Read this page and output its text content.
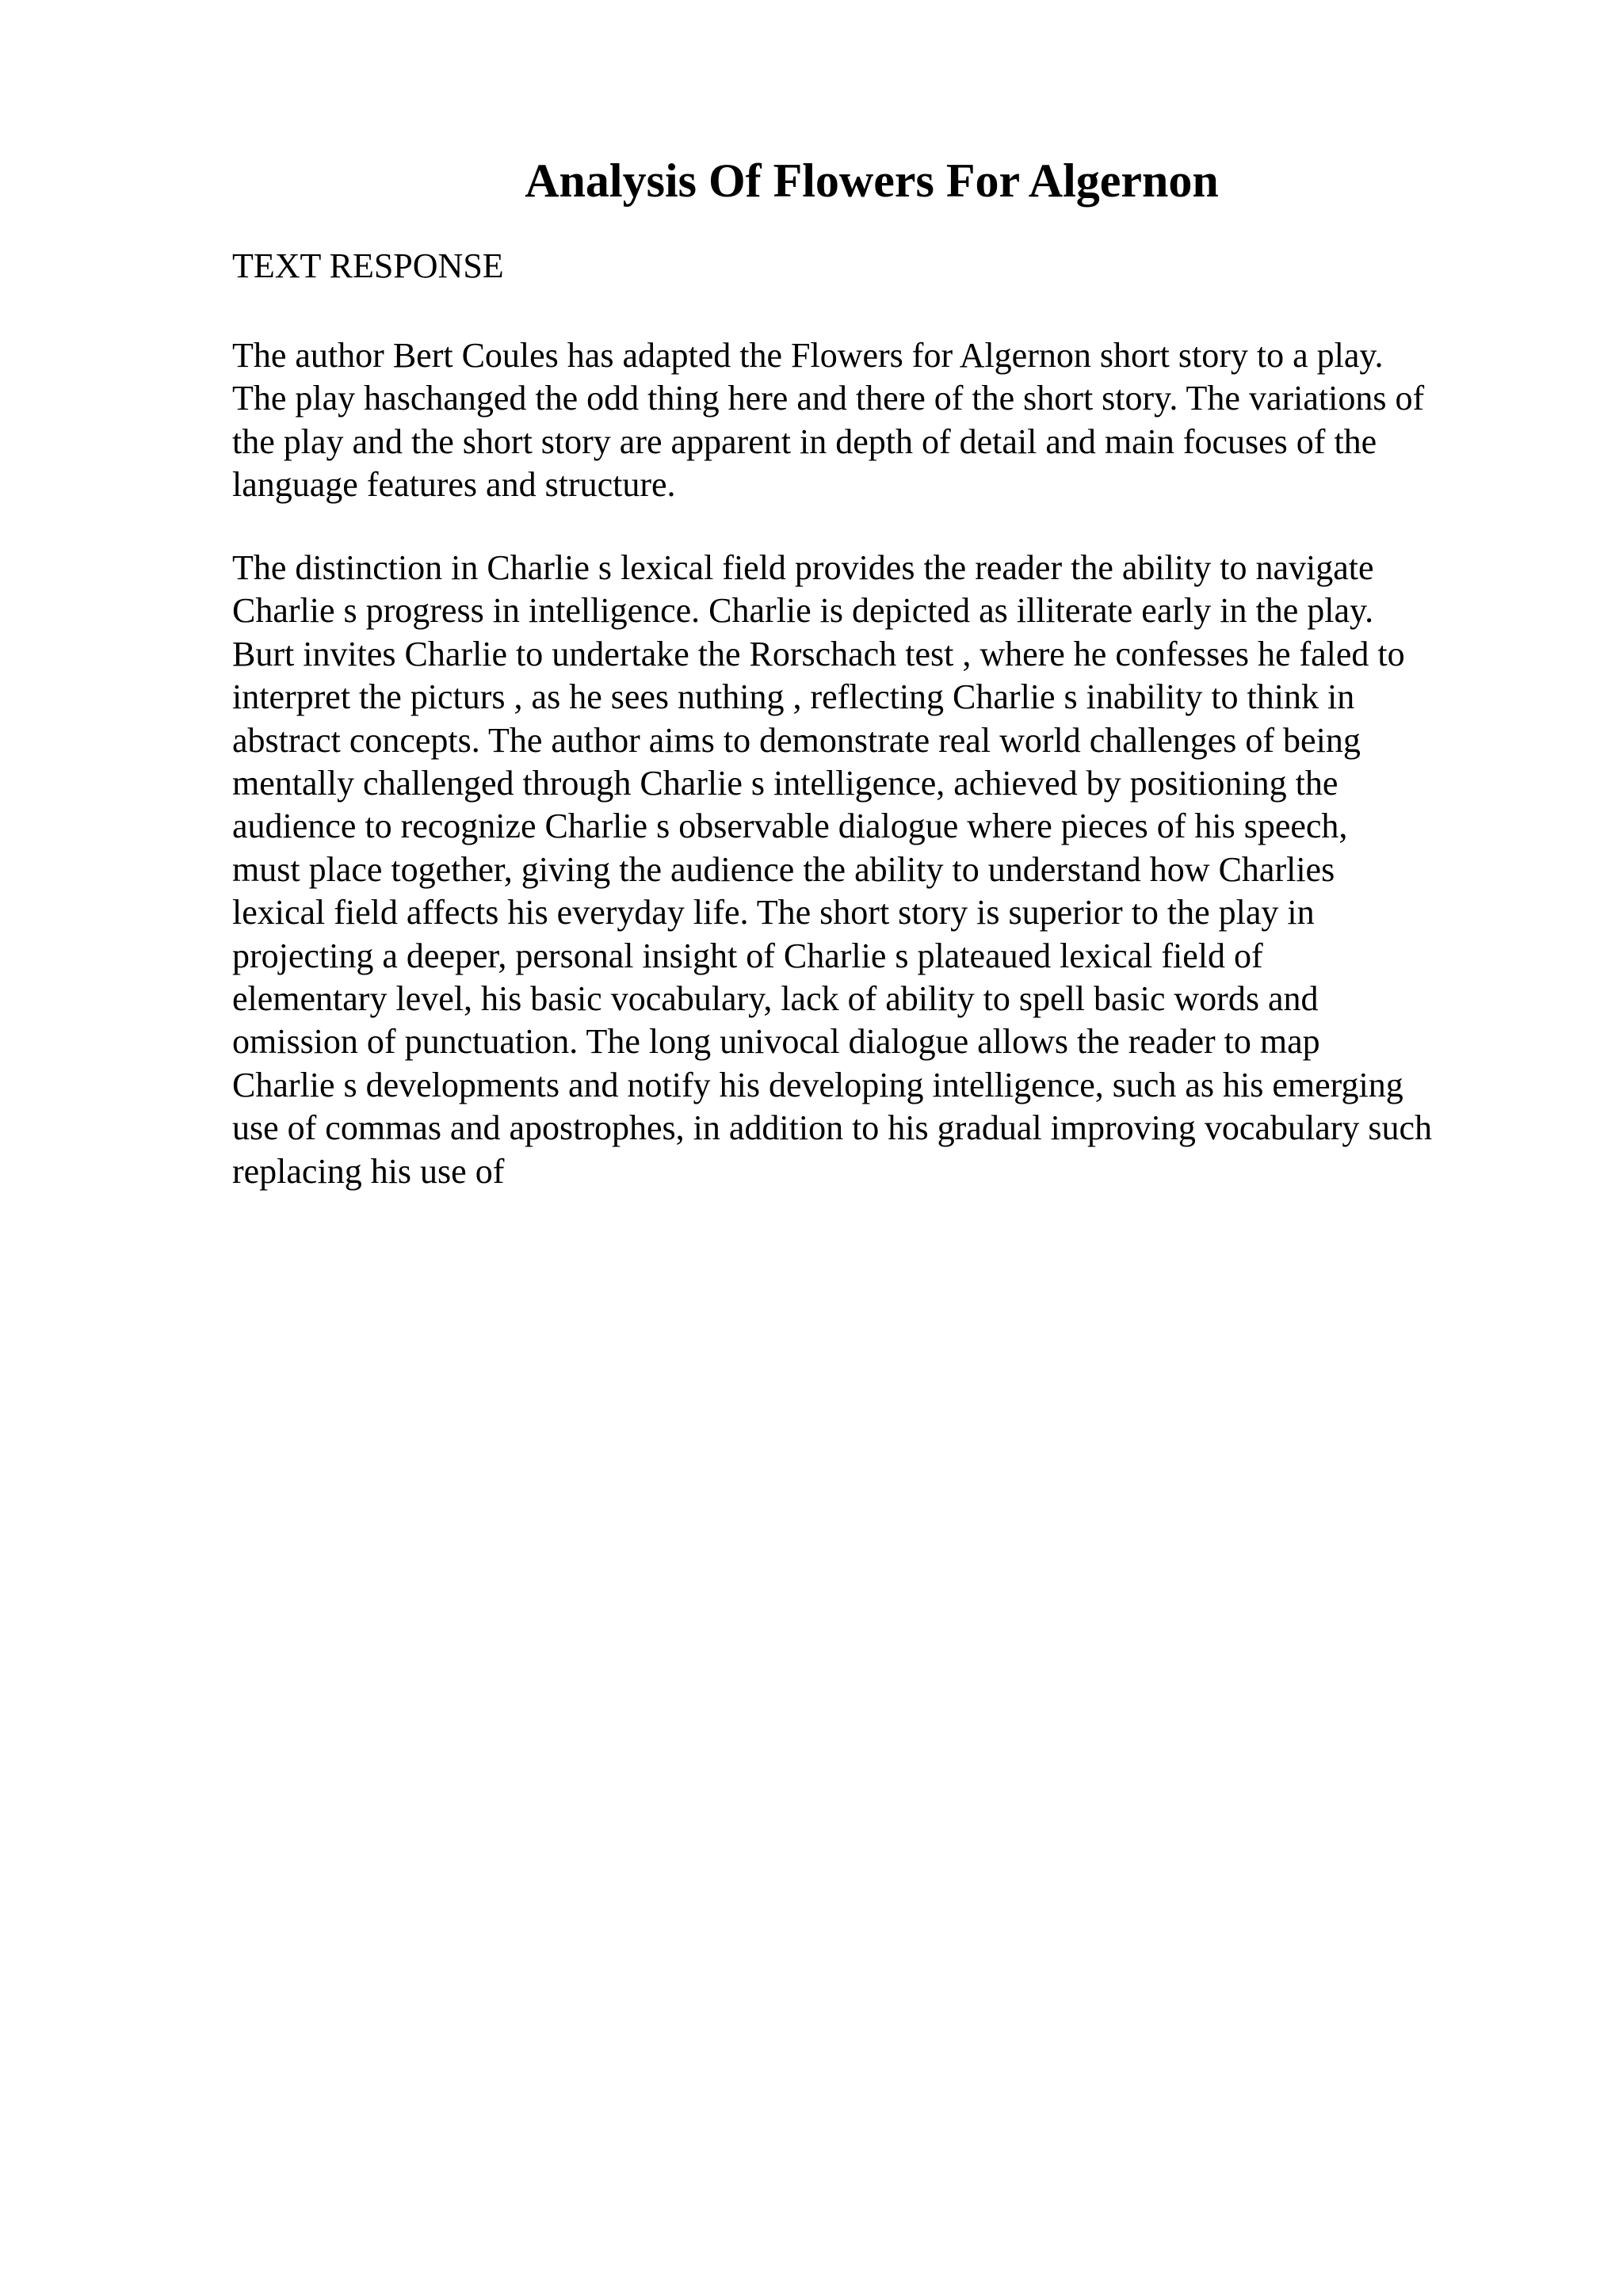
Analysis Of Flowers For Algernon
TEXT RESPONSE

The author Bert Coules has adapted the Flowers for Algernon short story to a play.
The play haschanged the odd thing here and there of the short story. The variations of
the play and the short story are apparent in depth of detail and main focuses of the
language features and structure.

The distinction in Charlie s lexical field provides the reader the ability to navigate
Charlie s progress in intelligence. Charlie is depicted as illiterate early in the play.
Burt invites Charlie to undertake the Rorschach test , where he confesses he faled to
interpret the picturs , as he sees nuthing , reflecting Charlie s inability to think in
abstract concepts. The author aims to demonstrate real world challenges of being
mentally challenged through Charlie s intelligence, achieved by positioning the
audience to recognize Charlie s observable dialogue where pieces of his speech,
must place together, giving the audience the ability to understand how Charlies
lexical field affects his everyday life. The short story is superior to the play in
projecting a deeper, personal insight of Charlie s plateaued lexical field of
elementary level, his basic vocabulary, lack of ability to spell basic words and
omission of punctuation. The long univocal dialogue allows the reader to map
Charlie s developments and notify his developing intelligence, such as his emerging
use of commas and apostrophes, in addition to his gradual improving vocabulary such
replacing his use of
